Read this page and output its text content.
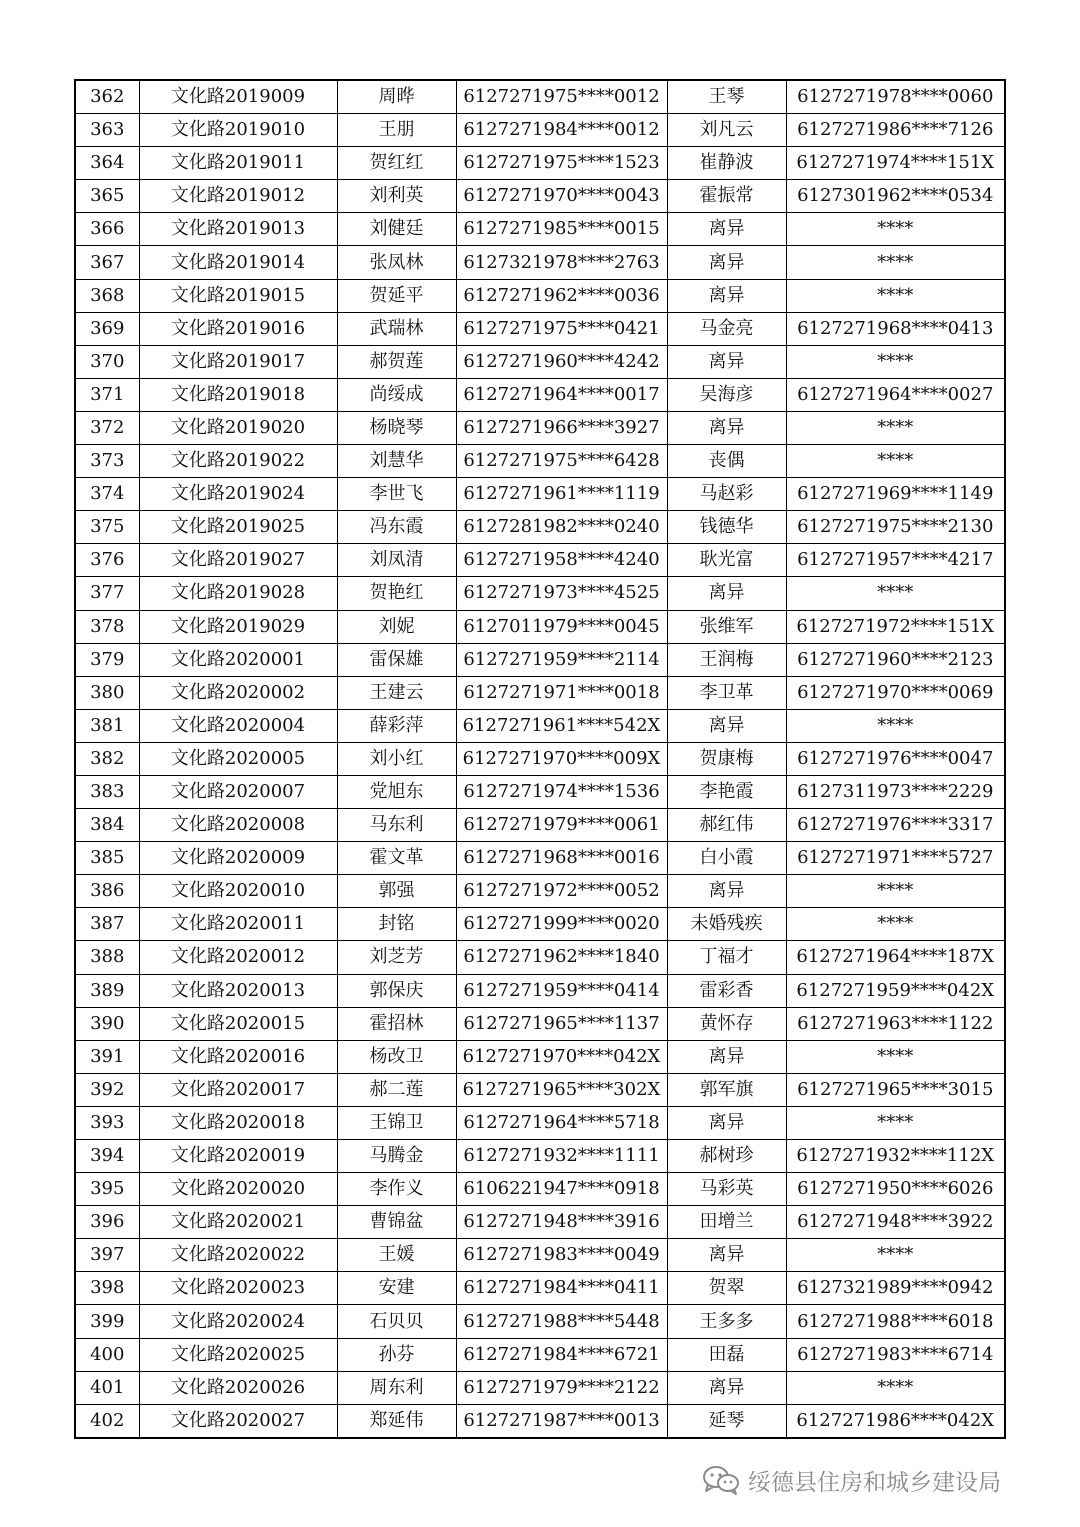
362	文化路2019009	周晔	6127271975****0012	王琴	6127271978****0060
363	文化路2019010	王朋	6127271984****0012	刘凡云	6127271986****7126
364	文化路2019011	贺红红	6127271975****1523	崔静波	6127271974****151X
365	文化路2019012	刘利英	6127271970****0043	霍振常	6127301962****0534
366	文化路2019013	刘健廷	6127271985****0015	离异	****
367	文化路2019014	张凤林	6127321978****2763	离异	****
368	文化路2019015	贺延平	6127271962****0036	离异	****
369	文化路2019016	武瑞林	6127271975****0421	马金亮	6127271968****0413
370	文化路2019017	郝贺莲	6127271960****4242	离异	****
371	文化路2019018	尚绥成	6127271964****0017	吴海彦	6127271964****0027
372	文化路2019020	杨晓琴	6127271966****3927	离异	****
373	文化路2019022	刘慧华	6127271975****6428	丧偶	****
374	文化路2019024	李世飞	6127271961****1119	马赵彩	6127271969****1149
375	文化路2019025	冯东霞	6127281982****0240	钱德华	6127271975****2130
376	文化路2019027	刘凤清	6127271958****4240	耿光富	6127271957****4217
377	文化路2019028	贺艳红	6127271973****4525	离异	****
378	文化路2019029	刘妮	6127011979****0045	张维军	6127271972****151X
379	文化路2020001	雷保雄	6127271959****2114	王润梅	6127271960****2123
380	文化路2020002	王建云	6127271971****0018	李卫革	6127271970****0069
381	文化路2020004	薛彩萍	6127271961****542X	离异	****
382	文化路2020005	刘小红	6127271970****009X	贺康梅	6127271976****0047
383	文化路2020007	党旭东	6127271974****1536	李艳霞	6127311973****2229
384	文化路2020008	马东利	6127271979****0061	郝红伟	6127271976****3317
385	文化路2020009	霍文革	6127271968****0016	白小霞	6127271971****5727
386	文化路2020010	郭强	6127271972****0052	离异	****
387	文化路2020011	封铭	6127271999****0020	未婚残疾	****
388	文化路2020012	刘芝芳	6127271962****1840	丁福才	6127271964****187X
389	文化路2020013	郭保庆	6127271959****0414	雷彩香	6127271959****042X
390	文化路2020015	霍招林	6127271965****1137	黄怀存	6127271963****1122
391	文化路2020016	杨改卫	6127271970****042X	离异	****
392	文化路2020017	郝二莲	6127271965****302X	郭军旗	6127271965****3015
393	文化路2020018	王锦卫	6127271964****5718	离异	****
394	文化路2020019	马腾金	6127271932****1111	郝树珍	6127271932****112X
395	文化路2020020	李作义	6106221947****0918	马彩英	6127271950****6026
396	文化路2020021	曹锦盆	6127271948****3916	田增兰	6127271948****3922
397	文化路2020022	王媛	6127271983****0049	离异	****
398	文化路2020023	安建	6127271984****0411	贺翠	6127321989****0942
399	文化路2020024	石贝贝	6127271988****5448	王多多	6127271988****6018
400	文化路2020025	孙芬	6127271984****6721	田磊	6127271983****6714
401	文化路2020026	周东利	6127271979****2122	离异	****
402	文化路2020027	郑延伟	6127271987****0013	延琴	6127271986****042X
绥德县住房和城乡建设局
